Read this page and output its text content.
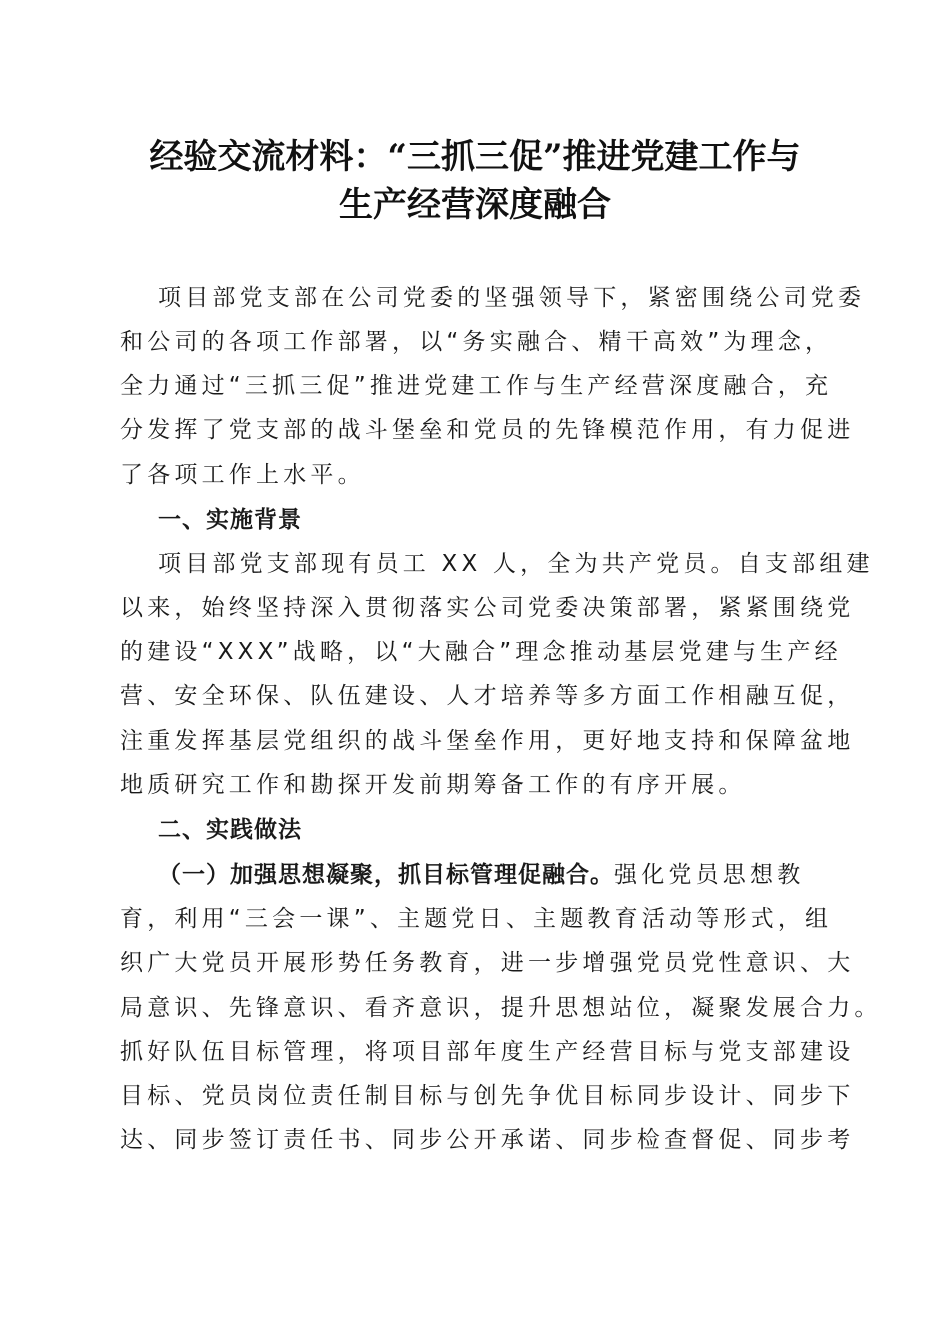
经验交流材料：“三抓三促”推进党建工作与
生产经营深度融合
项目部党支部在公司党委的坚强领导下，紧密围绕公司党委
和公司的各项工作部署，以“务实融合、精干高效”为理念，
全力通过“三抓三促”推进党建工作与生产经营深度融合，充
分发挥了党支部的战斗堡垒和党员的先锋模范作用，有力促进
了各项工作上水平。
一、实施背景
项目部党支部现有员工 XX 人，全为共产党员。自支部组建
以来，始终坚持深入贯彻落实公司党委决策部署，紧紧围绕党
的建设“XXX”战略，以“大融合”理念推动基层党建与生产经
营、安全环保、队伍建设、人才培养等多方面工作相融互促，
注重发挥基层党组织的战斗堡垒作用，更好地支持和保障盆地
地质研究工作和勘探开发前期筹备工作的有序开展。
二、实践做法
（一）加强思想凝聚，抓目标管理促融合。强化党员思想教
育，利用“三会一课”、主题党日、主题教育活动等形式，组
织广大党员开展形势任务教育，进一步增强党员党性意识、大
局意识、先锋意识、看齐意识，提升思想站位，凝聚发展合力。
抓好队伍目标管理，将项目部年度生产经营目标与党支部建设
目标、党员岗位责任制目标与创先争优目标同步设计、同步下
达、同步签订责任书、同步公开承诺、同步检查督促、同步考
